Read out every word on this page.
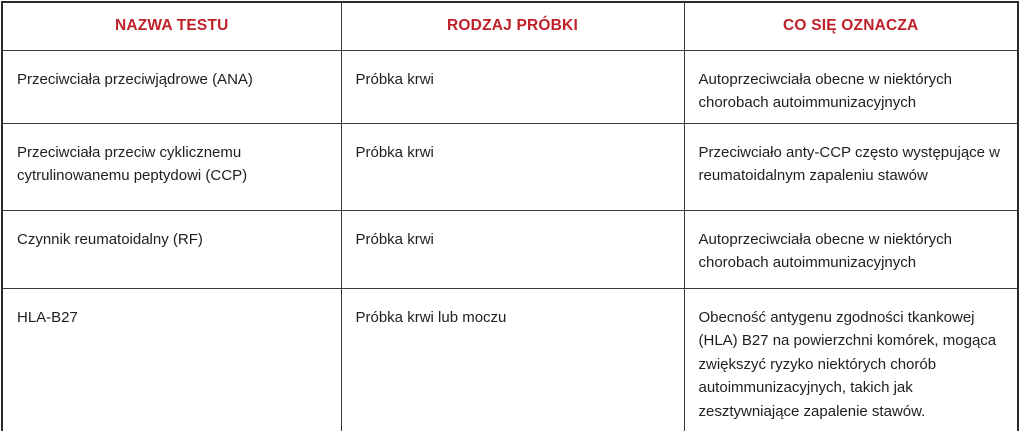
NAZWA TESTU	RODZAJ PRÓBKI	CO SIĘ OZNACZA
Przeciwciała przeciwjądrowe (ANA)	Próbka krwi	Autoprzeciwciała obecne w niektórych chorobach autoimmunizacyjnych
Przeciwciała przeciw cyklicznemu cytrulinowanemu peptydowi (CCP)	Próbka krwi	Przeciwciało anty-CCP często występujące w reumatoidalnym zapaleniu stawów
Czynnik reumatoidalny (RF)	Próbka krwi	Autoprzeciwciała obecne w niektórych chorobach autoimmunizacyjnych
HLA-B27	Próbka krwi lub moczu	Obecność antygenu zgodności tkankowej (HLA) B27 na powierzchni komórek, mogąca zwiększyć ryzyko niektórych chorób autoimmunizacyjnych, takich jak zesztywniające zapalenie stawów.
